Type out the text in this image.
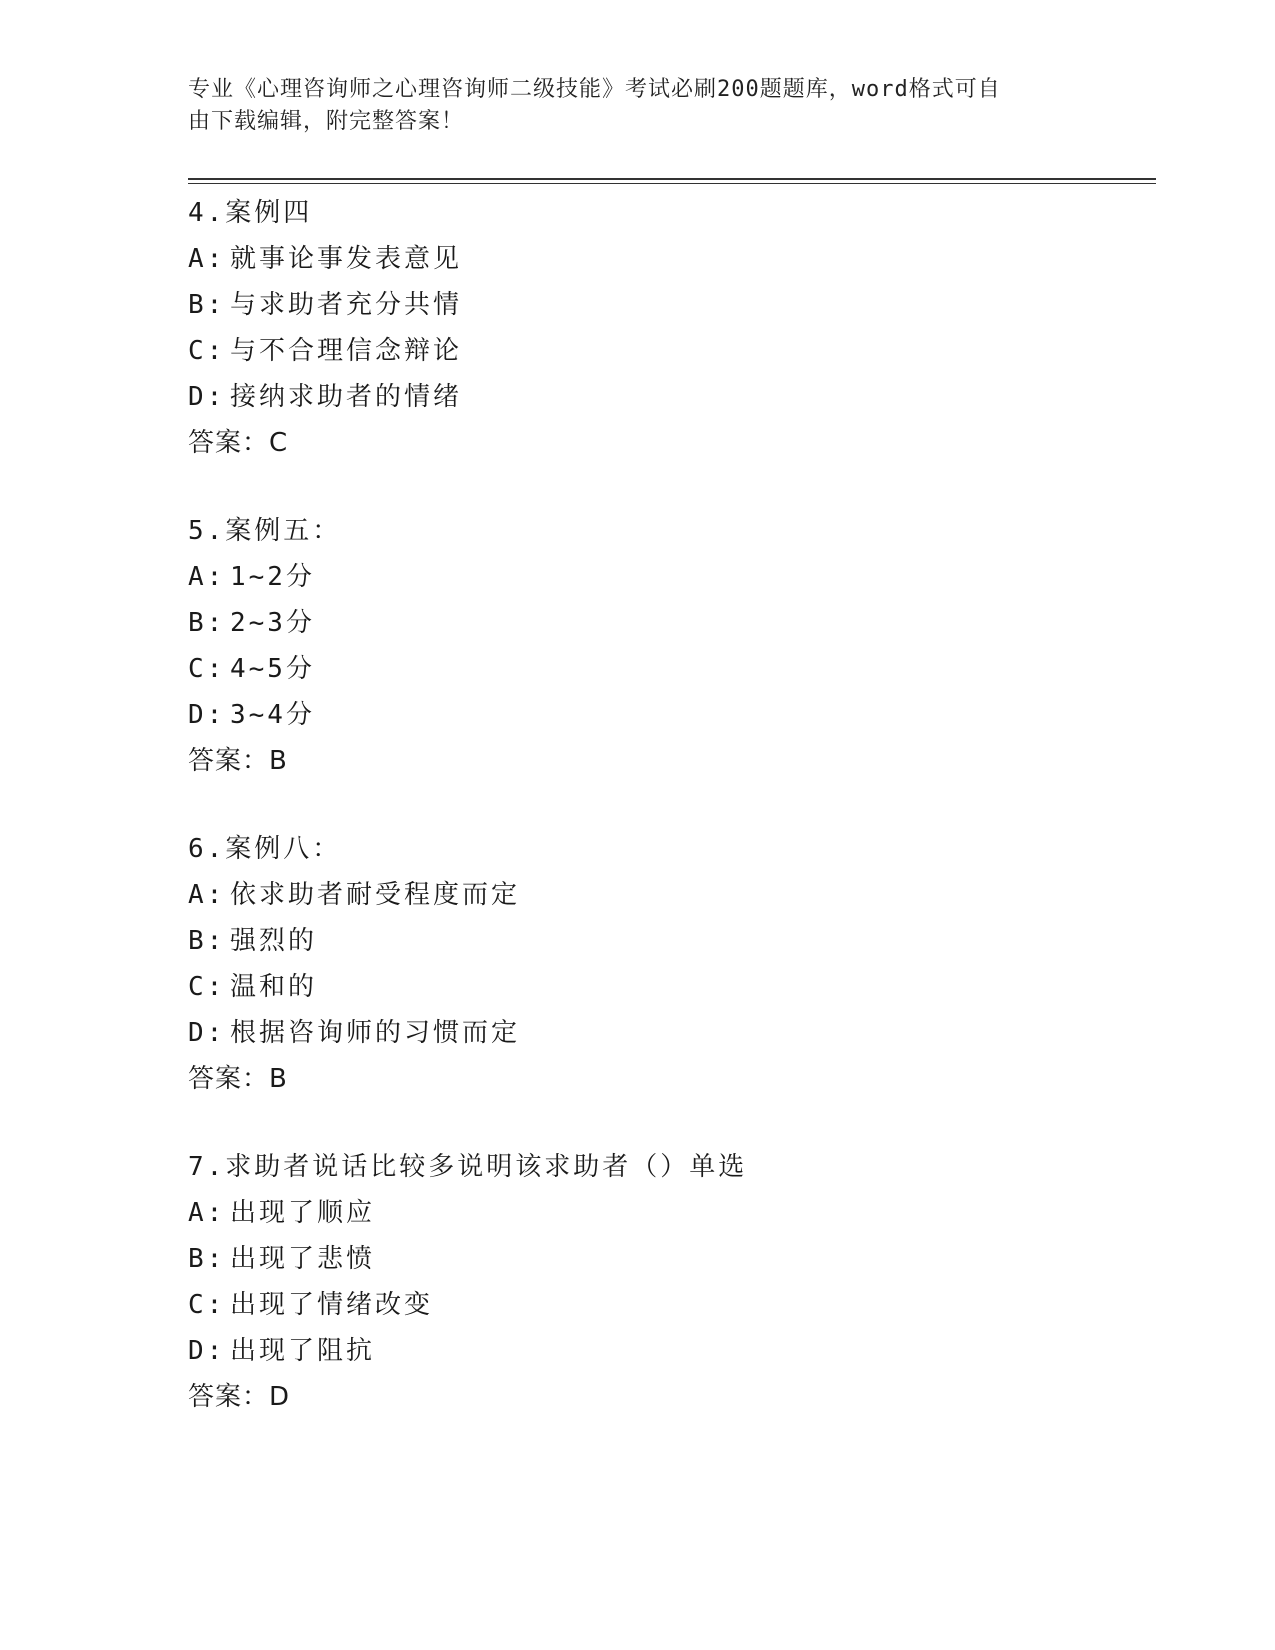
专业《心理咨询师之心理咨询师二级技能》考试必刷200题题库，word格式可自
由下载编辑，附完整答案！
4.案例四
A: 就事论事发表意见
B: 与求助者充分共情
C: 与不合理信念辩论
D: 接纳求助者的情绪
答案：C
5.案例五：
A: 1~2分
B: 2~3分
C: 4~5分
D: 3~4分
答案：B
6.案例八：
A: 依求助者耐受程度而定
B: 强烈的
C: 温和的
D: 根据咨询师的习惯而定
答案：B
7.求助者说话比较多说明该求助者（）单选
A: 出现了顺应
B: 出现了悲愤
C: 出现了情绪改变
D: 出现了阻抗
答案：D
